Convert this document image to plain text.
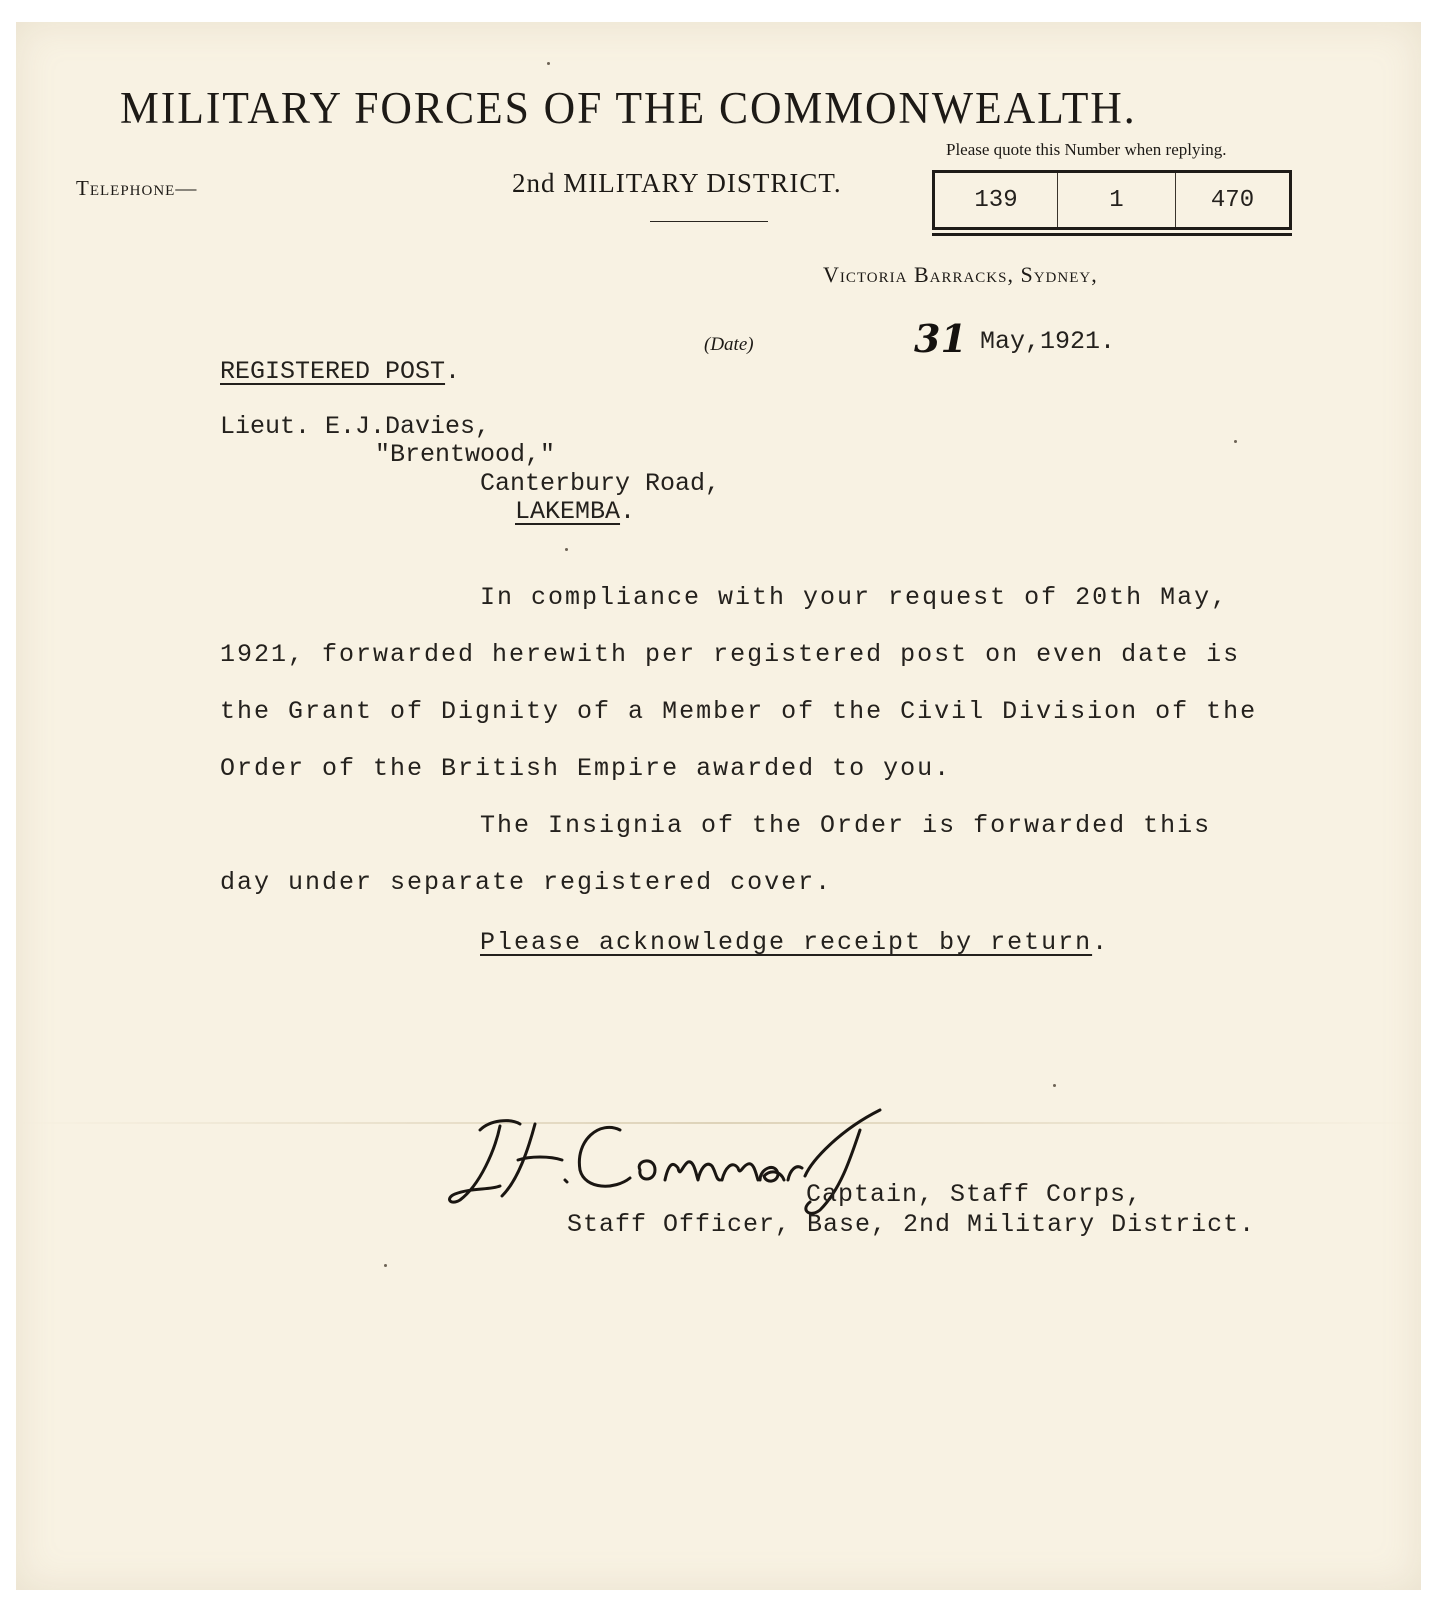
MILITARY FORCES OF THE COMMONWEALTH.
Please quote this Number when replying.
Telephone—	2nd MILITARY DISTRICT.
139	1	470
Victoria Barracks, Sydney,
(Date)	31 May,1921.
REGISTERED POST.
Lieut. E.J.Davies,
"Brentwood,"
Canterbury Road,
LAKEMBA.
In compliance with your request of 20th May,
1921, forwarded herewith per registered post on even date is
the Grant of Dignity of a Member of the Civil Division of the
Order of the British Empire awarded to you.
The Insignia of the Order is forwarded this
day under separate registered cover.
Please acknowledge receipt by return.
Captain, Staff Corps,
Staff Officer, Base, 2nd Military District.
